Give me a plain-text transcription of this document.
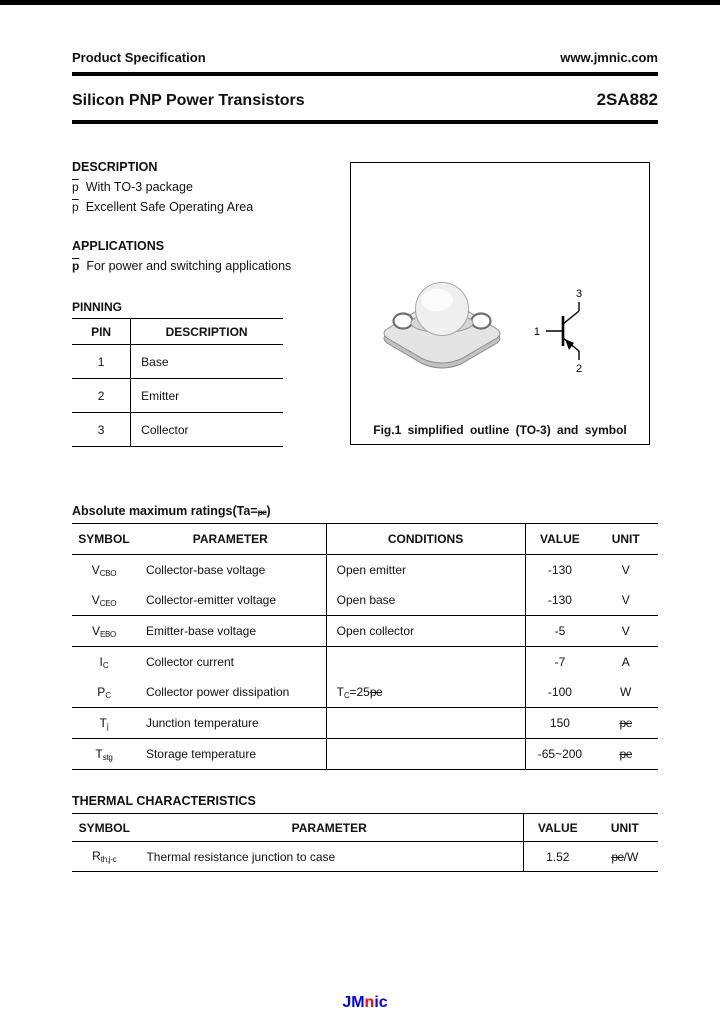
Product Specification	www.jmnic.com
Silicon PNP Power Transistors	2SA882
DESCRIPTION
$\overline{p}$ With TO-3 package
$\overline{p}$ Excellent Safe Operating Area
APPLICATIONS
$\overline{p}$ For power and switching applications
PINNING
PIN	DESCRIPTION
1	Base
2	Emitter
3	Collector
Absolute maximum ratings(Ta=pe)
SYMBOL	PARAMETER	CONDITIONS	VALUE	UNIT
$V_{CBO}$	Collector-base voltage	Open emitter	-130	V
$V_{CEO}$	Collector-emitter voltage	Open base	-130	V
$V_{EBO}$	Emitter-base voltage	Open collector	-5	V
$I_C$	Collector current		-7	A
$P_C$	Collector power dissipation	$T_C=25pe$	-100	W
$T_j$	Junction temperature		150	pe
$T_{stg}$	Storage temperature		-65~200	pe
THERMAL CHARACTERISTICS
SYMBOL	PARAMETER	VALUE	UNIT
$R_{th,j-c}$	Thermal resistance junction to case	1.52	pe/W
JMnic
1
3
2
Fig.1 simplified outline (TO-3) and symbol
